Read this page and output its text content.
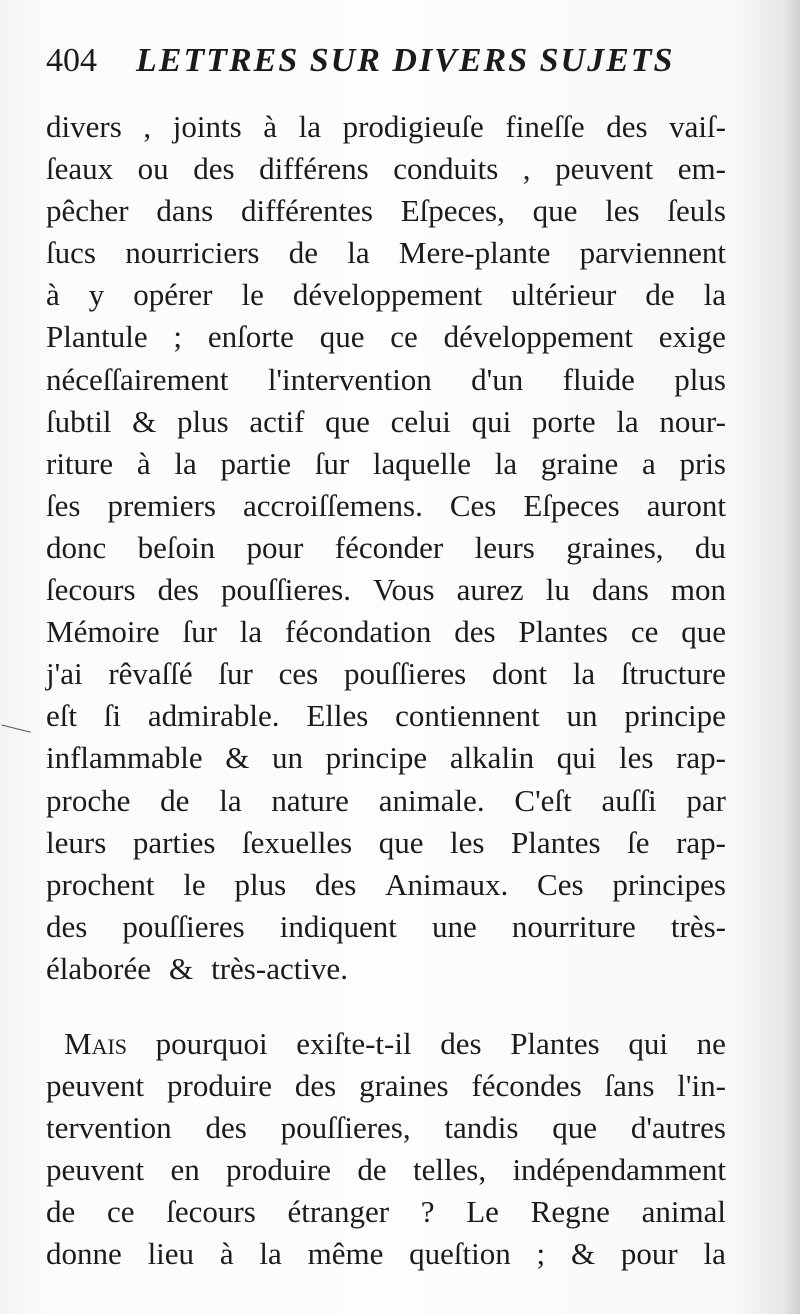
404 LETTRES SUR DIVERS SUJETS
divers , joints à la prodigieuſe fineſſe des vaiſ-
ſeaux ou des différens conduits , peuvent em-
pêcher dans différentes Eſpeces, que les ſeuls
ſucs nourriciers de la Mere-plante parviennent
à y opérer le développement ultérieur de la
Plantule ; enſorte que ce développement exige
néceſſairement l'intervention d'un fluide plus
ſubtil & plus actif que celui qui porte la nour-
riture à la partie ſur laquelle la graine a pris
ſes premiers accroiſſemens. Ces Eſpeces auront
donc beſoin pour féconder leurs graines, du
ſecours des pouſſieres. Vous aurez lu dans mon
Mémoire ſur la fécondation des Plantes ce que
j'ai rêvaſſé ſur ces pouſſieres dont la ſtructure
eſt ſi admirable. Elles contiennent un principe
inflammable & un principe alkalin qui les rap-
proche de la nature animale. C'eſt auſſi par
leurs parties ſexuelles que les Plantes ſe rap-
prochent le plus des Animaux. Ces principes
des pouſſieres indiquent une nourriture très-
élaborée & très-active.
Mais pourquoi exiſte-t-il des Plantes qui ne
peuvent produire des graines fécondes ſans l'in-
tervention des pouſſieres, tandis que d'autres
peuvent en produire de telles, indépendamment
de ce ſecours étranger ? Le Regne animal
donne lieu à la même queſtion ; & pour la
